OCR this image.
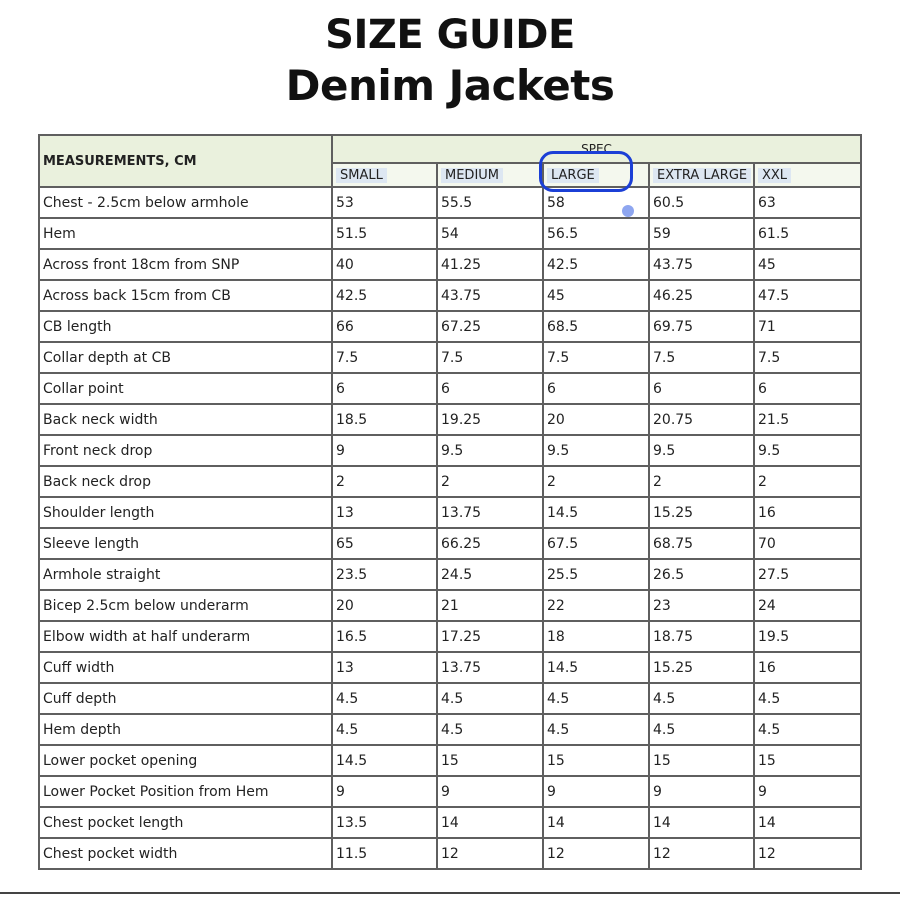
SIZE GUIDE
Denim Jackets
MEASUREMENTS, CM	SPEC				
	SMALL	MEDIUM	LARGE	EXTRA LARGE	XXL
Chest - 2.5cm below armhole	53	55.5	58	60.5	63
Hem	51.5	54	56.5	59	61.5
Across front 18cm from SNP	40	41.25	42.5	43.75	45
Across back 15cm from CB	42.5	43.75	45	46.25	47.5
CB length	66	67.25	68.5	69.75	71
Collar depth at CB	7.5	7.5	7.5	7.5	7.5
Collar point	6	6	6	6	6
Back neck width	18.5	19.25	20	20.75	21.5
Front neck drop	9	9.5	9.5	9.5	9.5
Back neck drop	2	2	2	2	2
Shoulder length	13	13.75	14.5	15.25	16
Sleeve length	65	66.25	67.5	68.75	70
Armhole straight	23.5	24.5	25.5	26.5	27.5
Bicep 2.5cm below underarm	20	21	22	23	24
Elbow width at half underarm	16.5	17.25	18	18.75	19.5
Cuff width	13	13.75	14.5	15.25	16
Cuff depth	4.5	4.5	4.5	4.5	4.5
Hem depth	4.5	4.5	4.5	4.5	4.5
Lower pocket opening	14.5	15	15	15	15
Lower Pocket Position from Hem	9	9	9	9	9
Chest pocket length	13.5	14	14	14	14
Chest pocket width	11.5	12	12	12	12
